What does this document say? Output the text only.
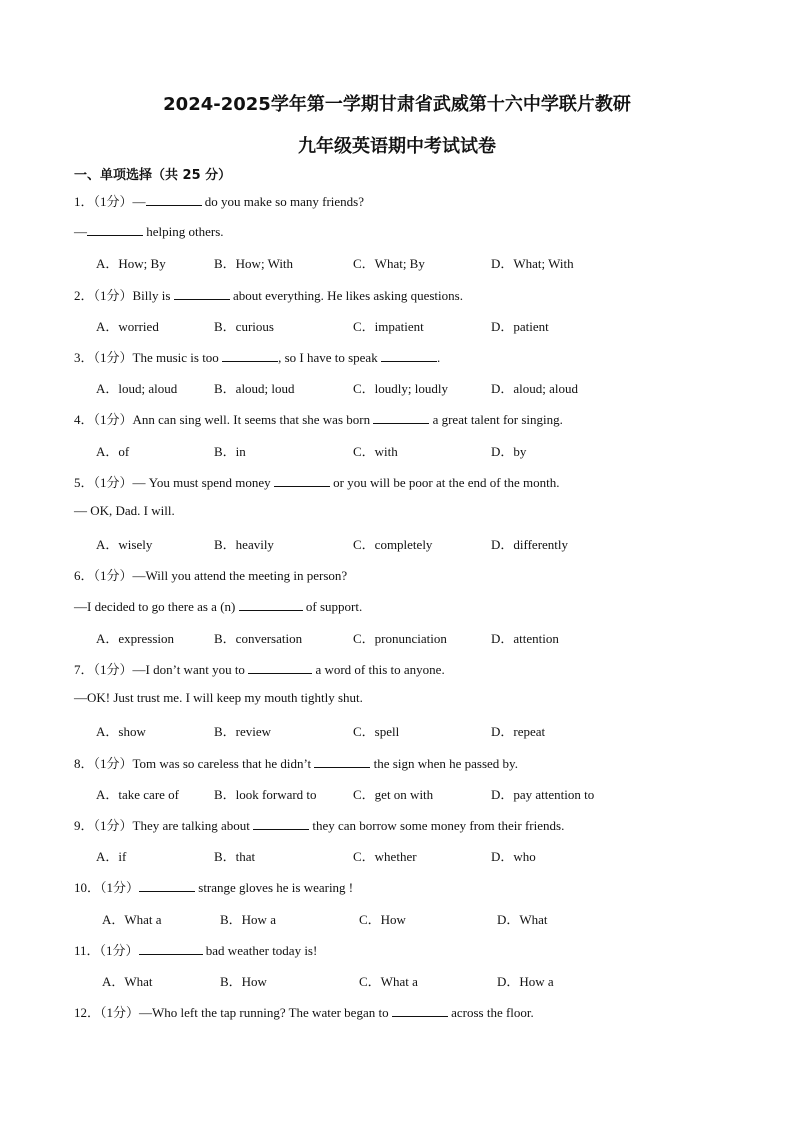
2024-2025学年第一学期甘肃省武威第十六中学联片教研
九年级英语期中考试试卷
一、单项选择（共 25 分）
1．（1分）—	do you make so many friends?
—	helping others.
A．How; By	B．How; With	C．What; By	D．What; With
2．（1分）Billy is	about everything. He likes asking questions.
A．worried	B．curious	C．impatient	D．patient
3．（1分）The music is too	, so I have to speak	.
A．loud; aloud	B．aloud; loud	C．loudly; loudly	D．aloud; aloud
4．（1分）Ann can sing well. It seems that she was born	a great talent for singing.
A．of	B．in	C．with	D．by
5．（1分）— You must spend money	or you will be poor at the end of the month.
— OK, Dad. I will.
A．wisely	B．heavily	C．completely	D．differently
6．（1分）—Will you attend the meeting in person?
—I decided to go there as a (n)	of support.
A．expression	B．conversation	C．pronunciation	D．attention
7．（1分）—I don’t want you to	a word of this to anyone.
—OK! Just trust me. I will keep my mouth tightly shut.
A．show	B．review	C．spell	D．repeat
8．（1分）Tom was so careless that he didn’t	the sign when he passed by.
A．take care of	B．look forward to	C．get on with	D．pay attention to
9．（1分）They are talking about	they can borrow some money from their friends.
A．if	B．that	C．whether	D．who
10．（1分）	strange gloves he is wearing !
A．What a	B．How a	C．How	D．What
11．（1分）	bad weather today is!
A．What	B．How	C．What a	D．How a
12．（1分）—Who left the tap running? The water began to	across the floor.
